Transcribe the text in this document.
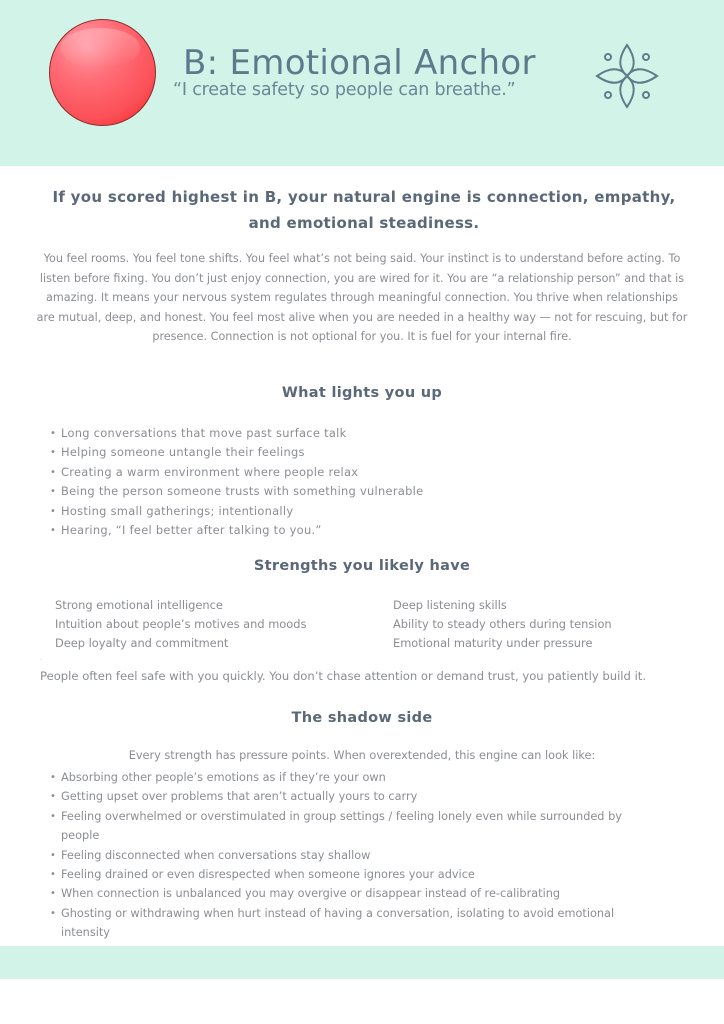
B: Emotional Anchor
“I create safety so people can breathe.”
If you scored highest in B, your natural engine is connection, empathy, and emotional steadiness.
You feel rooms. You feel tone shifts. You feel what’s not being said. Your instinct is to understand before acting. To listen before fixing. You don’t just enjoy connection, you are wired for it. You are “a relationship person” and that is amazing. It means your nervous system regulates through meaningful connection. You thrive when relationships are mutual, deep, and honest. You feel most alive when you are needed in a healthy way — not for rescuing, but for presence. Connection is not optional for you. It is fuel for your internal fire.
What lights you up
• Long conversations that move past surface talk
• Helping someone untangle their feelings
• Creating a warm environment where people relax
• Being the person someone trusts with something vulnerable
• Hosting small gatherings; intentionally
• Hearing, “I feel better after talking to you.”
Strengths you likely have
Strong emotional intelligence	Deep listening skills
Intuition about people’s motives and moods	Ability to steady others during tension
Deep loyalty and commitment	Emotional maturity under pressure
.
People often feel safe with you quickly. You don’t chase attention or demand trust, you patiently build it.
The shadow side
Every strength has pressure points. When overextended, this engine can look like:
• Absorbing other people’s emotions as if they’re your own
• Getting upset over problems that aren’t actually yours to carry
• Feeling overwhelmed or overstimulated in group settings / feeling lonely even while surrounded by people
• Feeling disconnected when conversations stay shallow
• Feeling drained or even disrespected when someone ignores your advice
• When connection is unbalanced you may overgive or disappear instead of re-calibrating
• Ghosting or withdrawing when hurt instead of having a conversation, isolating to avoid emotional intensity
